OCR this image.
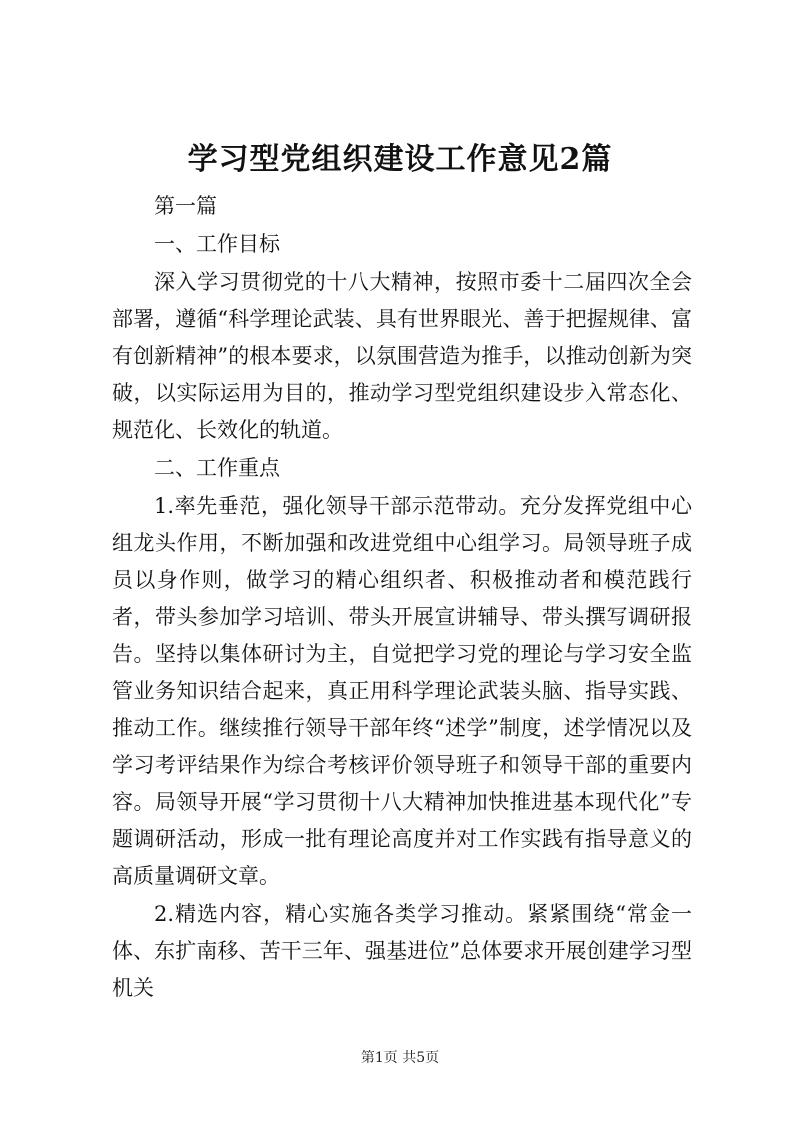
学习型党组织建设工作意见2篇

第一篇

一、工作目标

深入学习贯彻党的十八大精神，按照市委十二届四次全会部署，遵循“科学理论武装、具有世界眼光、善于把握规律、富有创新精神”的根本要求，以氛围营造为推手，以推动创新为突破，以实际运用为目的，推动学习型党组织建设步入常态化、规范化、长效化的轨道。

二、工作重点

1.率先垂范，强化领导干部示范带动。充分发挥党组中心组龙头作用，不断加强和改进党组中心组学习。局领导班子成员以身作则，做学习的精心组织者、积极推动者和模范践行者，带头参加学习培训、带头开展宣讲辅导、带头撰写调研报告。坚持以集体研讨为主，自觉把学习党的理论与学习安全监管业务知识结合起来，真正用科学理论武装头脑、指导实践、推动工作。继续推行领导干部年终“述学”制度，述学情况以及学习考评结果作为综合考核评价领导班子和领导干部的重要内容。局领导开展“学习贯彻十八大精神加快推进基本现代化”专题调研活动，形成一批有理论高度并对工作实践有指导意义的高质量调研文章。

2.精选内容，精心实施各类学习推动。紧紧围绕“常金一体、东扩南移、苦干三年、强基进位”总体要求开展创建学习型机关

第1页 共5页
